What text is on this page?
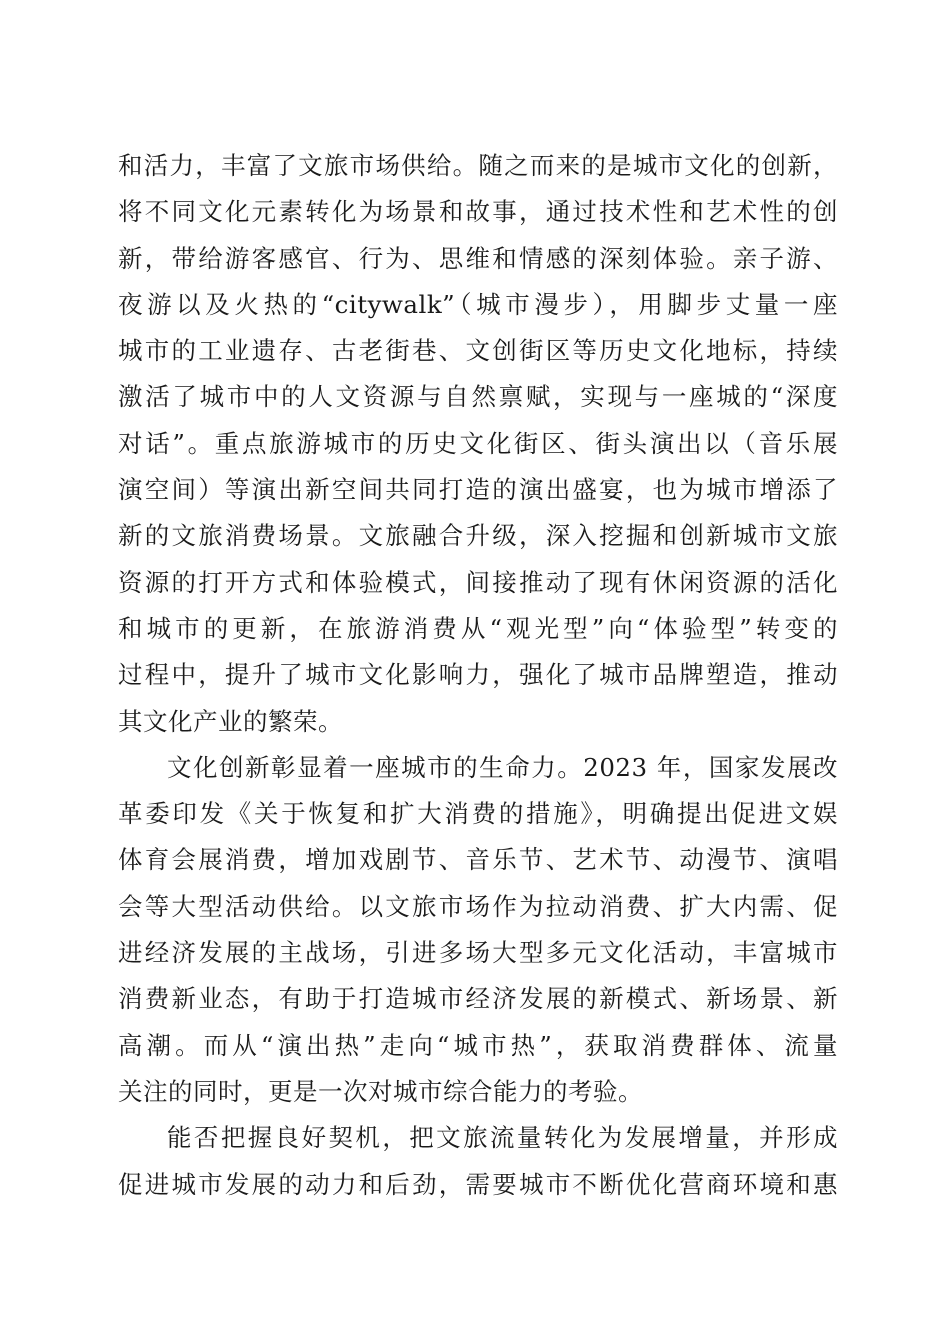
和活力，丰富了文旅市场供给。随之而来的是城市文化的创新，
将不同文化元素转化为场景和故事，通过技术性和艺术性的创
新，带给游客感官、行为、思维和情感的深刻体验。亲子游、
夜游以及火热的“citywalk”（城市漫步），用脚步丈量一座
城市的工业遗存、古老街巷、文创街区等历史文化地标，持续
激活了城市中的人文资源与自然禀赋，实现与一座城的“深度
对话”。重点旅游城市的历史文化街区、街头演出以（音乐展
演空间）等演出新空间共同打造的演出盛宴，也为城市增添了
新的文旅消费场景。文旅融合升级，深入挖掘和创新城市文旅
资源的打开方式和体验模式，间接推动了现有休闲资源的活化
和城市的更新，在旅游消费从“观光型”向“体验型”转变的
过程中，提升了城市文化影响力，强化了城市品牌塑造，推动
其文化产业的繁荣。
文化创新彰显着一座城市的生命力。2023 年，国家发展改
革委印发《关于恢复和扩大消费的措施》，明确提出促进文娱
体育会展消费，增加戏剧节、音乐节、艺术节、动漫节、演唱
会等大型活动供给。以文旅市场作为拉动消费、扩大内需、促
进经济发展的主战场，引进多场大型多元文化活动，丰富城市
消费新业态，有助于打造城市经济发展的新模式、新场景、新
高潮。而从“演出热”走向“城市热”，获取消费群体、流量
关注的同时，更是一次对城市综合能力的考验。
能否把握良好契机，把文旅流量转化为发展增量，并形成
促进城市发展的动力和后劲，需要城市不断优化营商环境和惠
